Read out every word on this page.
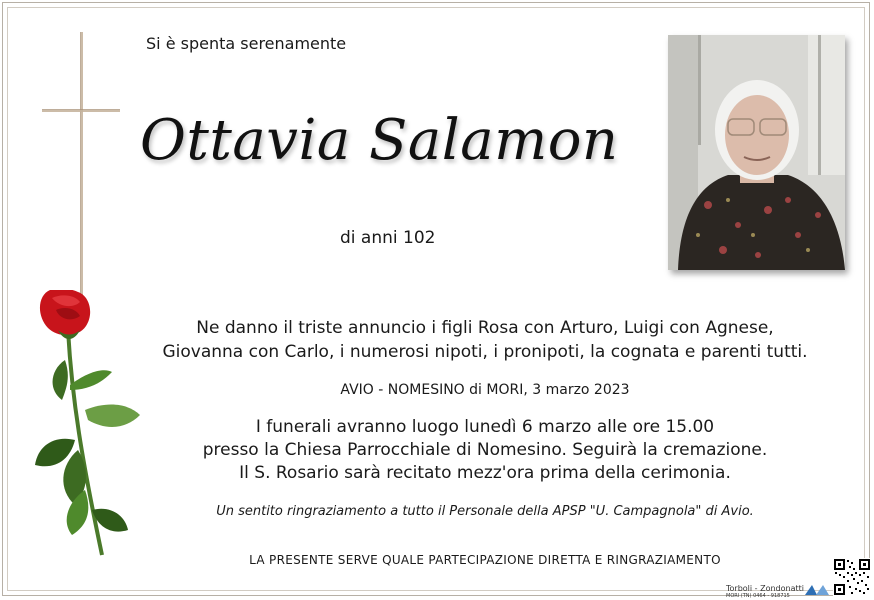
Si è spenta serenamente
Ottavia Salamon
di anni 102
Ne danno il triste annuncio i figli Rosa con Arturo, Luigi con Agnese,
Giovanna con Carlo, i numerosi nipoti, i pronipoti, la cognata e parenti tutti.
AVIO - NOMESINO di MORI, 3 marzo 2023
I funerali avranno luogo lunedì 6 marzo alle ore 15.00
presso la Chiesa Parrocchiale di Nomesino. Seguirà la cremazione.
Il S. Rosario sarà recitato mezz'ora prima della cerimonia.
Un sentito ringraziamento a tutto il Personale della APSP "U. Campagnola" di Avio.
LA PRESENTE SERVE QUALE PARTECIPAZIONE DIRETTA E RINGRAZIAMENTO
Torboli - Zondonatti
MORI (TN) 0464 - 918715
